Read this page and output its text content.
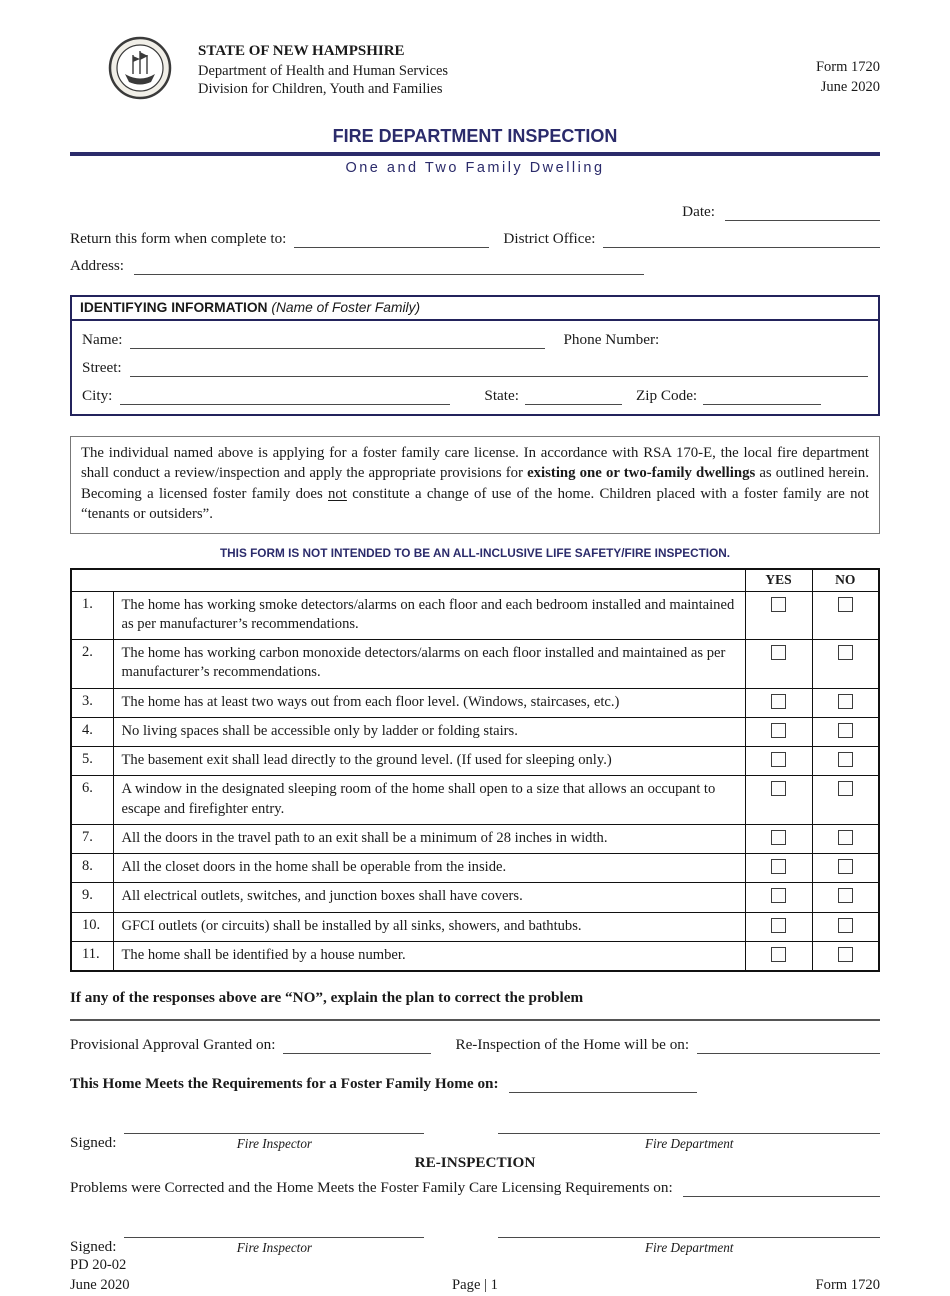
STATE OF NEW HAMPSHIRE
Department of Health and Human Services
Division for Children, Youth and Families
Form 1720
June 2020
FIRE DEPARTMENT INSPECTION
One and Two Family Dwelling
Date:
Return this form when complete to:	District Office:
Address:
IDENTIFYING INFORMATION (Name of Foster Family)
Name:	Phone Number:
Street:
City:	State:	Zip Code:

The individual named above is applying for a foster family care license. In accordance with RSA 170-E, the local fire department shall conduct a review/inspection and apply the appropriate provisions for existing one or two-family dwellings as outlined herein. Becoming a licensed foster family does not constitute a change of use of the home. Children placed with a foster family are not “tenants or outsiders”.

THIS FORM IS NOT INTENDED TO BE AN ALL-INCLUSIVE LIFE SAFETY/FIRE INSPECTION.
		YES	NO
1.	The home has working smoke detectors/alarms on each floor and each bedroom installed and maintained as per manufacturer’s recommendations.	

2.	The home has working carbon monoxide detectors/alarms on each floor installed and maintained as per manufacturer’s recommendations.	

3.	The home has at least two ways out from each floor level. (Windows, staircases, etc.)	

4.	No living spaces shall be accessible only by ladder or folding stairs.	

5.	The basement exit shall lead directly to the ground level. (If used for sleeping only.)	

6.	A window in the designated sleeping room of the home shall open to a size that allows an occupant to escape and firefighter entry.	

7.	All the doors in the travel path to an exit shall be a minimum of 28 inches in width.	

8.	All the closet doors in the home shall be operable from the inside.	

9.	All electrical outlets, switches, and junction boxes shall have covers.	

10.	GFCI outlets (or circuits) shall be installed by all sinks, showers, and bathtubs.	

11.	The home shall be identified by a house number.	

If any of the responses above are “NO”, explain the plan to correct the problem
Provisional Approval Granted on:	Re-Inspection of the Home will be on:
This Home Meets the Requirements for a Foster Family Home on:
Signed:	Fire Inspector	Fire Department
RE-INSPECTION
Problems were Corrected and the Home Meets the Foster Family Care Licensing Requirements on:
Signed:	Fire Inspector	Fire Department
PD 20-02
June 2020	Page | 1	Form 1720
